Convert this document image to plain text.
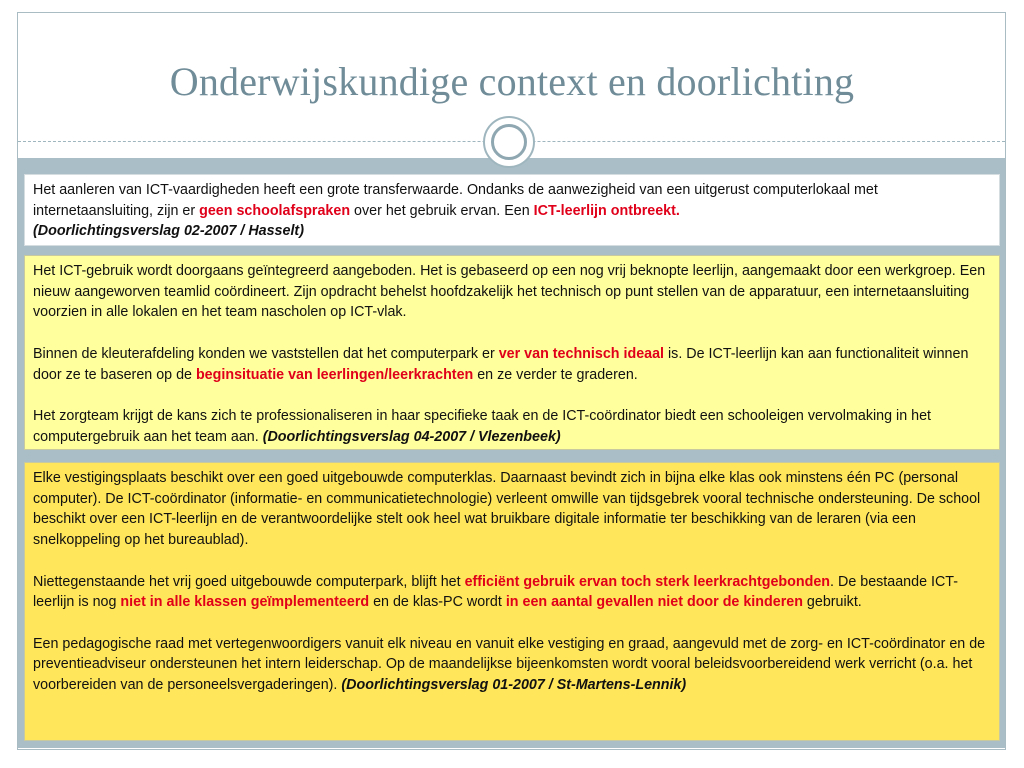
Onderwijskundige context en doorlichting

Het aanleren van ICT-vaardigheden heeft een grote transferwaarde. Ondanks de aanwezigheid van een uitgerust computerlokaal met internetaansluiting, zijn er geen schoolafspraken over het gebruik ervan. Een ICT-leerlijn ontbreekt.
(Doorlichtingsverslag 02-2007 / Hasselt)

Het ICT-gebruik wordt doorgaans geïntegreerd aangeboden. Het is gebaseerd op een nog vrij beknopte leerlijn, aangemaakt door een werkgroep. Een nieuw aangeworven teamlid coördineert. Zijn opdracht behelst hoofdzakelijk het technisch op punt stellen van de apparatuur, een internetaansluiting voorzien in alle lokalen en het team nascholen op ICT-vlak.

Binnen de kleuterafdeling konden we vaststellen dat het computerpark er ver van technisch ideaal is. De ICT-leerlijn kan aan functionaliteit winnen door ze te baseren op de beginsituatie van leerlingen/leerkrachten en ze verder te graderen.

Het zorgteam krijgt de kans zich te professionaliseren in haar specifieke taak en de ICT-coördinator biedt een schooleigen vervolmaking in het computergebruik aan het team aan. (Doorlichtingsverslag 04-2007 / Vlezenbeek)

Elke vestigingsplaats beschikt over een goed uitgebouwde computerklas. Daarnaast bevindt zich in bijna elke klas ook minstens één PC (personal computer). De ICT-coördinator (informatie- en communicatietechnologie) verleent omwille van tijdsgebrek vooral technische ondersteuning. De school beschikt over een ICT-leerlijn en de verantwoordelijke stelt ook heel wat bruikbare digitale informatie ter beschikking van de leraren (via een snelkoppeling op het bureaublad).

Niettegenstaande het vrij goed uitgebouwde computerpark, blijft het efficiënt gebruik ervan toch sterk leerkrachtgebonden. De bestaande ICT-leerlijn is nog niet in alle klassen geïmplementeerd en de klas-PC wordt in een aantal gevallen niet door de kinderen gebruikt.

Een pedagogische raad met vertegenwoordigers vanuit elk niveau en vanuit elke vestiging en graad, aangevuld met de zorg- en ICT-coördinator en de preventieadviseur ondersteunen het intern leiderschap. Op de maandelijkse bijeenkomsten wordt vooral beleidsvoorbereidend werk verricht (o.a. het voorbereiden van de personeelsvergaderingen). (Doorlichtingsverslag 01-2007 / St-Martens-Lennik)
